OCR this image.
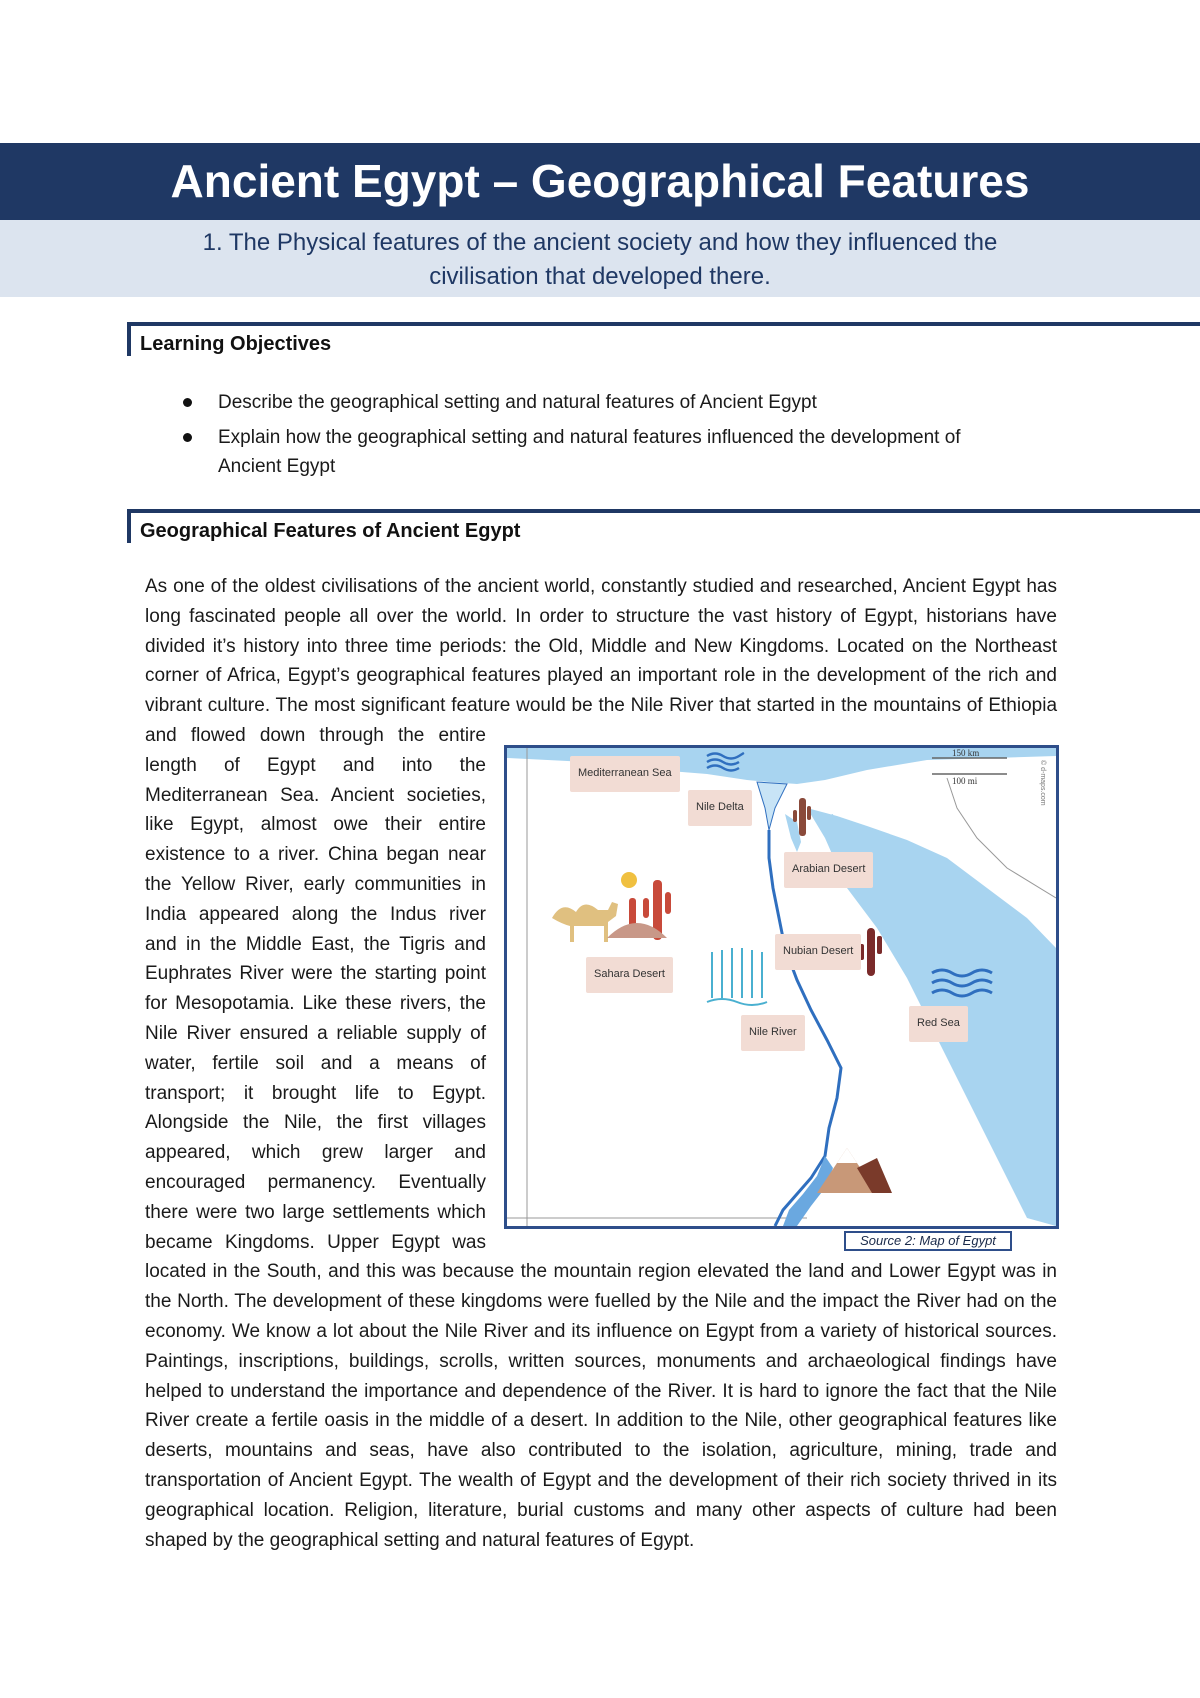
Ancient Egypt – Geographical Features
1. The Physical features of the ancient society and how they influenced the
civilisation that developed there.
Learning Objectives
Describe the geographical setting and natural features of Ancient Egypt
Explain how the geographical setting and natural features influenced the development of Ancient Egypt
Geographical Features of Ancient Egypt
As one of the oldest civilisations of the ancient world, constantly studied and researched, Ancient Egypt has long fascinated people all over the world. In order to structure the vast history of Egypt, historians have divided it’s history into three time periods: the Old, Middle and New Kingdoms. Located on the Northeast corner of Africa, Egypt’s geographical features played an important role in the development of the rich and vibrant culture. The most significant feature would be the Nile River that started in the mountains of
150 km
100 mi	© d-maps.com
Mediterranean Sea
Nile Delta
Arabian Desert
Sahara Desert
Nubian Desert
Red Sea
Nile River
Source 2: Map of Egypt
Ethiopia and flowed down through the entire length of Egypt and into the Mediterranean Sea. Ancient societies, like Egypt, almost owe their entire existence to a river. China began near the Yellow River, early communities in India appeared along the Indus river and in the Middle East, the Tigris and Euphrates River were the starting point for Mesopotamia. Like these rivers, the Nile River ensured a reliable supply of water, fertile soil and a means of transport; it brought life to Egypt. Alongside the Nile, the first villages appeared, which grew larger and encouraged permanency. Eventually there were two large settlements which became Kingdoms. Upper Egypt was located in the South, and this was because the mountain region elevated the land and Lower Egypt was in the North. The development of these kingdoms were fuelled by the Nile and the impact the River had on the economy. We know a lot about the Nile River and its influence on Egypt from a variety of historical sources. Paintings, inscriptions, buildings, scrolls, written sources, monuments and archaeological findings have helped to understand the importance and dependence of the River. It is hard to ignore the fact that the Nile River create a fertile oasis in the middle of a desert. In addition to the Nile, other geographical features like deserts, mountains and seas, have also contributed to the isolation, agriculture, mining, trade and transportation of Ancient Egypt. The wealth of Egypt and the development of their rich society thrived in its geographical location. Religion, literature, burial customs and many other aspects of culture had been shaped by the geographical setting and natural features of Egypt.
